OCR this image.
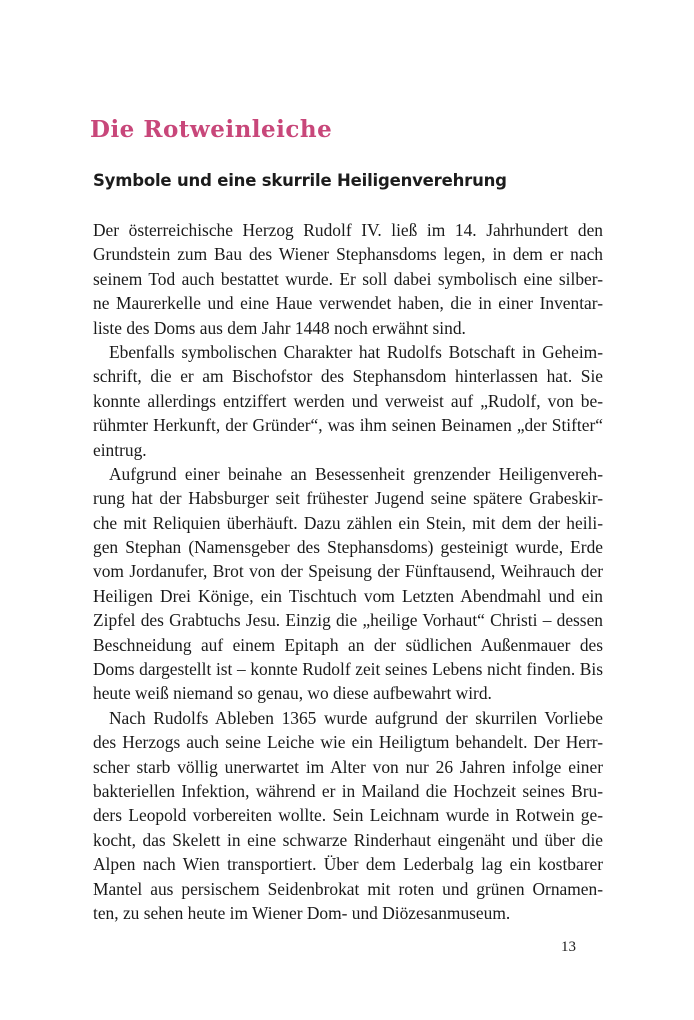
Die Rotweinleiche
Symbole und eine skurrile Heiligenverehrung

Der österreichische Herzog Rudolf IV. ließ im 14. Jahrhundert den
Grundstein zum Bau des Wiener Stephansdoms legen, in dem er nach
seinem Tod auch bestattet wurde. Er soll dabei symbolisch eine silber-
ne Maurerkelle und eine Haue verwendet haben, die in einer Inventar-
liste des Doms aus dem Jahr 1448 noch erwähnt sind.

Ebenfalls symbolischen Charakter hat Rudolfs Botschaft in Geheim-
schrift, die er am Bischofstor des Stephansdom hinterlassen hat. Sie
konnte allerdings entziffert werden und verweist auf „Rudolf, von be-
rühmter Herkunft, der Gründer“, was ihm seinen Beinamen „der Stifter“
eintrug.

Aufgrund einer beinahe an Besessenheit grenzender Heiligenvereh-
rung hat der Habsburger seit frühester Jugend seine spätere Grabeskir-
che mit Reliquien überhäuft. Dazu zählen ein Stein, mit dem der heili-
gen Stephan (Namensgeber des Stephansdoms) gesteinigt wurde, Erde
vom Jordanufer, Brot von der Speisung der Fünftausend, Weihrauch der
Heiligen Drei Könige, ein Tischtuch vom Letzten Abendmahl und ein
Zipfel des Grabtuchs Jesu. Einzig die „heilige Vorhaut“ Christi – dessen
Beschneidung auf einem Epitaph an der südlichen Außenmauer des
Doms dargestellt ist – konnte Rudolf zeit seines Lebens nicht finden. Bis
heute weiß niemand so genau, wo diese aufbewahrt wird.

Nach Rudolfs Ableben 1365 wurde aufgrund der skurrilen Vorliebe
des Herzogs auch seine Leiche wie ein Heiligtum behandelt. Der Herr-
scher starb völlig unerwartet im Alter von nur 26 Jahren infolge einer
bakteriellen Infektion, während er in Mailand die Hochzeit seines Bru-
ders Leopold vorbereiten wollte. Sein Leichnam wurde in Rotwein ge-
kocht, das Skelett in eine schwarze Rinderhaut eingenäht und über die
Alpen nach Wien transportiert. Über dem Lederbalg lag ein kostbarer
Mantel aus persischem Seidenbrokat mit roten und grünen Ornamen-
ten, zu sehen heute im Wiener Dom- und Diözesanmuseum.

13
